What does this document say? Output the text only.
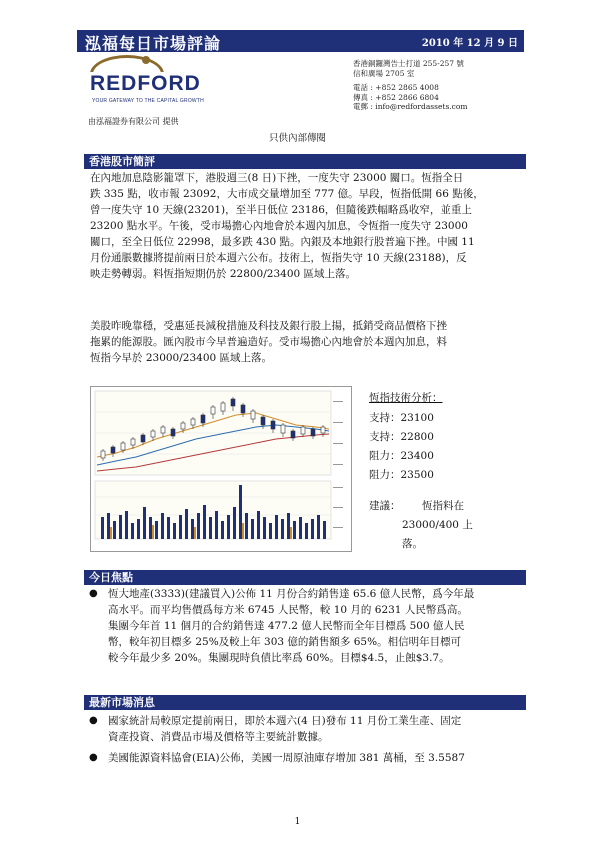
泓福每日市場評論	2010 年 12 月 9 日
REDFORD
YOUR GATEWAY TO THE CAPITAL GROWTH
由泓福證券有限公司 提供
香港銅鑼灣告士打道 255-257 號
信和廣場 2705 室
電話 : +852 2865 4008
傳真 : +852 2866 6804
電郵 : info@redfordassets.com
只供內部傳閱
香港股市簡評
在內地加息陰影籠罩下，港股週三(8 日)下挫，一度失守 23000 關口。恆指全日
跌 335 點，收市報 23092，大市成交量增加至 777 億。早段，恆指低開 66 點後，
曾一度失守 10 天線(23201)，至半日低位 23186，但隨後跌幅略爲收窄，並重上
23200 點水平。午後，受市場擔心內地會於本週內加息，令恆指一度失守 23000
關口，至全日低位 22998，最多跌 430 點。內銀及本地銀行股普遍下挫。中國 11
月份通脹數據將提前兩日於本週六公布。技術上，恆指失守 10 天線(23188)，反
映走勢轉弱。料恆指短期仍於 22800/23400 區域上落。
美股昨晚靠穩，受惠延長減稅措施及科技及銀行股上揚，抵銷受商品價格下挫
拖累的能源股。匯內股市今早普遍造好。受市場擔心內地會於本週內加息，料
恆指今早於 23000/23400 區域上落。
恆指技術分析：
支持：23100
支持：22800
阻力：23400
阻力：23500
建議： 恆指料在
23000/400 上
落。
今日焦點
● 恆大地產(3333)(建議買入)公佈 11 月份合約銷售達 65.6 億人民幣，爲今年最
高水平。而平均售價爲每方米 6745 人民幣，較 10 月的 6231 人民幣爲高。
集團今年首 11 個月的合約銷售達 477.2 億人民幣而全年目標爲 500 億人民
幣，較年初目標多 25%及較上年 303 億的銷售額多 65%。相信明年目標可
較今年最少多 20%。集團現時負債比率爲 60%。目標$4.5，止蝕$3.7。
最新市場消息
● 國家統計局較原定提前兩日，即於本週六(4 日)發布 11 月份工業生產、固定
資產投資、消費品市場及價格等主要統計數據。
● 美國能源資料協會(EIA)公佈，美國一周原油庫存增加 381 萬桶，至 3.5587
1
